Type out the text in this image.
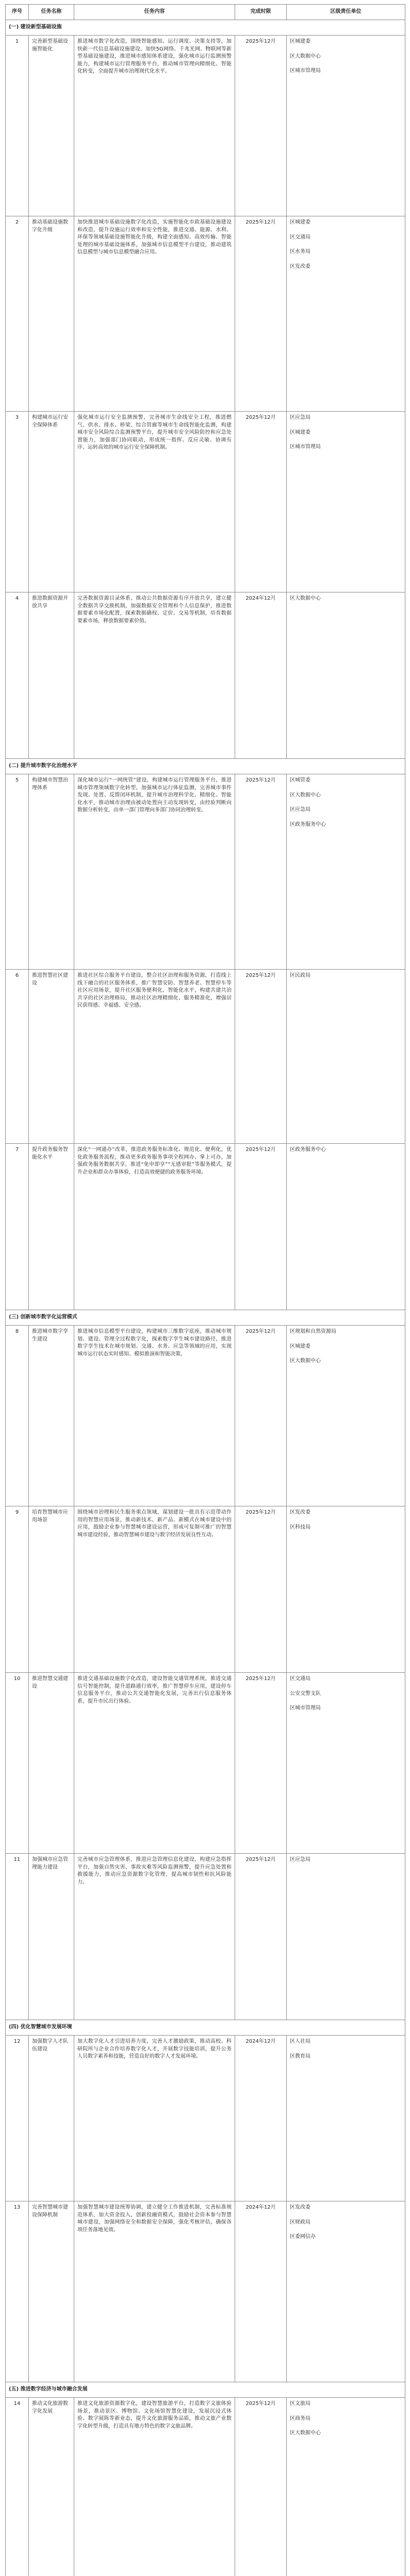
序号	任务名称	任务内容	完成时限	区级责任单位
(一) 建设新型基础设施				
1	完善新型基础设施智能化	推进城市数字化改造，围绕智能感知、运行调度、决策支持等，加快新一代信息基础设施建设，加快5G网络、千兆光网、物联网等新型基础设施建设，推进城市感知体系建设，强化城市运行监测预警能力，构建城市运行管理服务平台，推动城市管理向精细化、智能化转变，全面提升城市治理现代化水平。	2025年12月	区城建委
区大数据中心
区城市管理局

2	推动基础设施数字化升级	加快推进城市基础设施数字化改造，实施智能化市政基础设施建设和改造，提升设施运行效率和安全性能，推进交通、能源、水利、环保等领域基础设施智能化升级，构建全面感知、高效传输、智能处理的城市基础设施体系，加强城市信息模型平台建设，推动建筑信息模型与城市信息模型融合应用。	2025年12月	区城建委
区交通局
区水务局
区发改委

3	构建城市运行安全保障体系	强化城市运行安全监测预警，完善城市生命线安全工程，推进燃气、供水、排水、桥梁、综合管廊等城市生命线智能化监测，构建城市安全风险综合监测预警平台，提升城市安全风险防控和应急处置能力，加强部门协同联动，形成统一指挥、反应灵敏、协调有序、运转高效的城市运行安全保障机制。	2025年12月	区应急局
区城建委
区城市管理局

4	推进数据资源开放共享	完善数据资源目录体系，推动公共数据资源有序开放共享，建立健全数据共享交换机制，加强数据安全管理和个人信息保护，推进数据要素市场化配置，探索数据确权、定价、交易等机制，培育数据要素市场，释放数据要素价值。	2024年12月	区大数据中心

(二) 提升城市数字化治理水平				
5	构建城市智慧治理体系	深化城市运行“一网统管”建设，构建城市运行管理服务平台，推进城市管理领域数字化转型，加强城市运行体征监测，完善城市事件发现、处置、反馈闭环机制，提升城市治理科学化、精细化、智能化水平，推动城市治理由被动处置向主动发现转变，由经验判断向数据分析转变，由单一部门管理向多部门协同治理转变。	2025年12月	区城管委
区大数据中心
区应急局
区政务服务中心

6	推进智慧社区建设	推进社区综合服务平台建设，整合社区治理和服务资源，打造线上线下融合的社区服务体系，推广智慧安防、智慧养老、智慧停车等社区应用场景，提升社区服务便利化、智能化水平，构建共建共治共享的社区治理格局，推动社区治理精细化、服务精准化，增强居民获得感、幸福感、安全感。	2025年12月	区民政局

7	提升政务服务智能化水平	深化“一网通办”改革，推进政务服务标准化、规范化、便利化，优化政务服务流程，推动更多政务服务事项全程网办、掌上可办，加强政务服务数据共享，推进“免申即享”“无感审批”等服务模式，提升企业和群众办事体验，打造高效便捷的政务服务环境。	2025年12月	区政务服务中心

(三) 创新城市数字化运营模式				
8	推进城市数字孪生建设	推进城市信息模型平台建设，构建城市三维数字底座，推动城市规划、建设、管理全过程数字化，探索数字孪生城市建设路径，推进数字孪生技术在城市规划、交通、水务、应急等领域的应用，实现城市运行状态实时感知、模拟推演和智能决策。	2025年12月	区规划和自然资源局
区城建委
区大数据中心

9	培育智慧城市应用场景	围绕城市治理和民生服务重点领域，谋划建设一批具有示范带动作用的智慧应用场景，推动新技术、新产品、新模式在城市建设中的应用，鼓励企业参与智慧城市建设运营，形成可复制可推广的智慧城市建设经验，推动智慧城市建设与数字经济发展良性互动。	2025年12月	区发改委
区科技局

10	推进智慧交通建设	推进交通基础设施数字化改造，建设智能交通管理系统，推进交通信号智能控制，提升道路通行效率，推广智慧停车应用，建设停车信息服务平台，推动公共交通智能化发展，完善出行信息服务体系，提升市民出行体验。	2025年12月	区交通局
公安交警支队
区城市管理局

11	加强城市应急管理能力建设	完善城市应急管理体系，推进应急管理信息化建设，构建应急指挥平台，加强自然灾害、事故灾难等风险监测预警，提升应急处置和救援能力，推动应急资源数字化管理，提高城市韧性和抗风险能力。	2025年12月	区应急局

(四) 优化智慧城市发展环境				
12	加强数字人才队伍建设	加大数字化人才引进培养力度，完善人才激励政策，推动高校、科研院所与企业合作培养数字化人才，开展数字技能培训，提升公务人员数字素养和技能，营造良好的数字人才发展环境。	2024年12月	区人社局
区教育局

13	完善智慧城市建设保障机制	加强智慧城市建设统筹协调，建立健全工作推进机制，完善标准规范体系，加大资金投入，创新投融资模式，鼓励社会资本参与智慧城市建设，加强网络安全和数据安全保障，强化考核评估，确保各项任务落地见效。	2024年12月	区发改委
区财政局
区委网信办

(五) 推进数字经济与城市融合发展				
14	推动文化旅游数字化发展	推进文化旅游资源数字化，建设智慧旅游平台，打造数字文旅体验场景，推动景区、博物馆、文化场馆智慧化建设，发展沉浸式体验、数字展陈等新业态，提升文化旅游服务品质，推动文旅产业数字化转型升级，打造具有地方特色的数字文旅品牌。	2025年12月	区文旅局
区商务局
区大数据中心
